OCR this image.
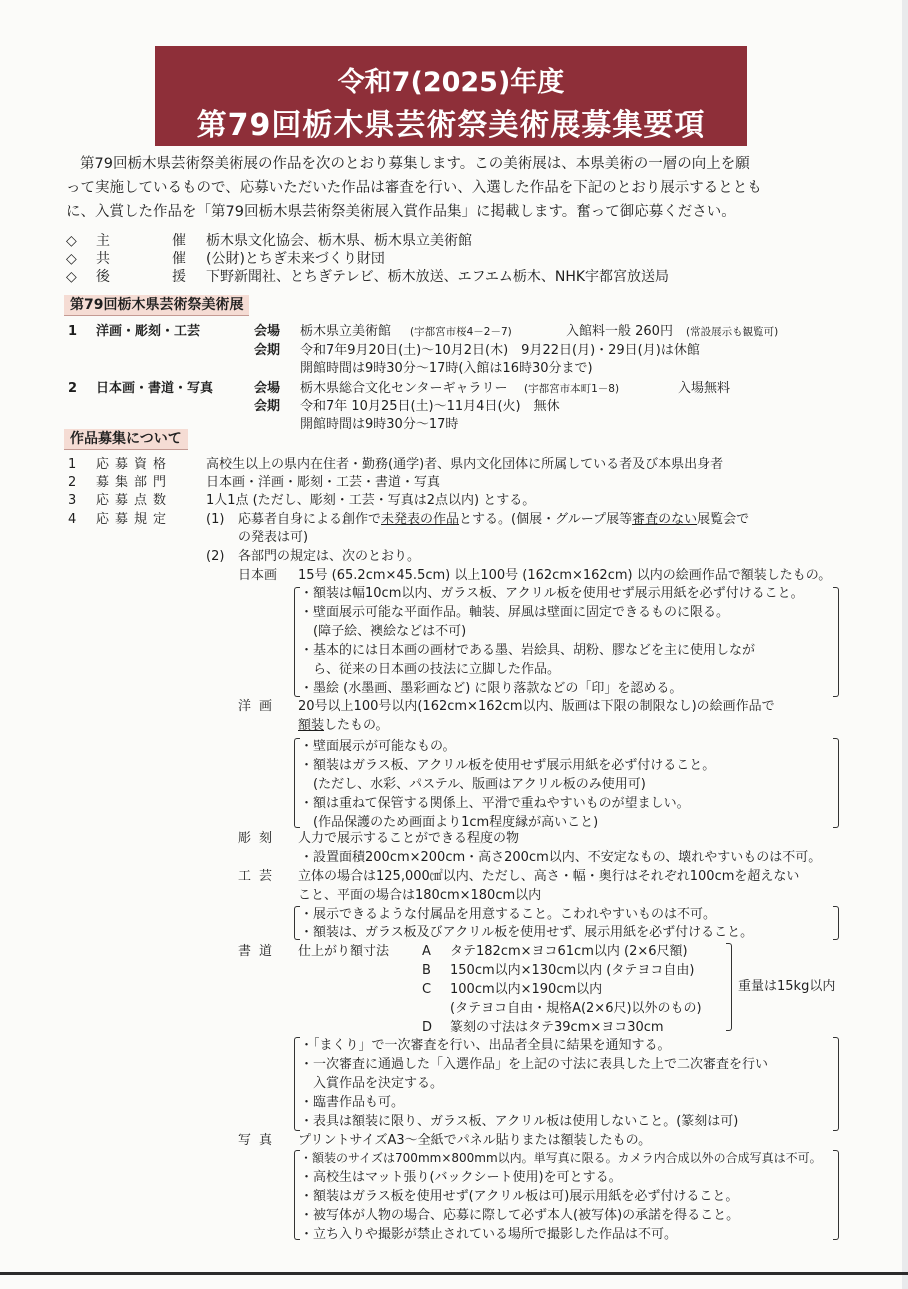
令和7(2025)年度
第79回栃木県芸術祭美術展募集要項
第79回栃木県芸術祭美術展の作品を次のとおり募集します。この美術展は、本県美術の一層の向上を願
って実施しているもので、応募いただいた作品は審査を行い、入選した作品を下記のとおり展示するととも
に、入賞した作品を「第79回栃木県芸術祭美術展入賞作品集」に掲載します。奮って御応募ください。
◇ 主	催 栃木県文化協会、栃木県、栃木県立美術館
◇ 共	催 (公財)とちぎ未来づくり財団
◇ 後	援 下野新聞社、とちぎテレビ、栃木放送、エフエム栃木、NHK宇都宮放送局
第79回栃木県芸術祭美術展
1 洋画・彫刻・工芸	会場 栃木県立美術館 (宇都宮市桜4－2－7)	入館料一般 260円 (常設展示も観覧可)
会期 令和7年9月20日(土)～10月2日(木)　9月22日(月)・29日(月)は休館
開館時間は9時30分～17時(入館は16時30分まで)
2 日本画・書道・写真	会場 栃木県総合文化センターギャラリー (宇都宮市本町1－8)	入場無料
会期 令和7年 10月25日(土)～11月4日(火)　無休
開館時間は9時30分～17時
作品募集について
1 応募資格	高校生以上の県内在住者・勤務(通学)者、県内文化団体に所属している者及び本県出身者
2 募集部門	日本画・洋画・彫刻・工芸・書道・写真
3 応募点数	1人1点 (ただし、彫刻・工芸・写真は2点以内) とする。
4 応募規定	(1) 応募者自身による創作で未発表の作品とする。(個展・グループ展等審査のない展覧会で
の発表は可)
(2) 各部門の規定は、次のとおり。
日本画 15号 (65.2cm×45.5cm) 以上100号 (162cm×162cm) 以内の絵画作品で額装したもの。
・額装は幅10cm以内、ガラス板、アクリル板を使用せず展示用紙を必ず付けること。
・壁面展示可能な平面作品。軸装、屏風は壁面に固定できるものに限る。
　(障子絵、襖絵などは不可)
・基本的には日本画の画材である墨、岩絵具、胡粉、膠などを主に使用しなが
　ら、従来の日本画の技法に立脚した作品。
・墨絵 (水墨画、墨彩画など) に限り落款などの「印」を認める。
洋画 20号以上100号以内(162cm×162cm以内、版画は下限の制限なし)の絵画作品で
額装したもの。
・壁面展示が可能なもの。
・額装はガラス板、アクリル板を使用せず展示用紙を必ず付けること。
　(ただし、水彩、パステル、版画はアクリル板のみ使用可)
・額は重ねて保管する関係上、平滑で重ねやすいものが望ましい。
　(作品保護のため画面より1cm程度縁が高いこと)
彫刻 人力で展示することができる程度の物
・設置面積200cm×200cm・高さ200cm以内、不安定なもの、壊れやすいものは不可。
工芸 立体の場合は125,000㎠以内、ただし、高さ・幅・奥行はそれぞれ100cmを超えない
こと、平面の場合は180cm×180cm以内
・展示できるような付属品を用意すること。こわれやすいものは不可。
・額装は、ガラス板及びアクリル板を使用せず、展示用紙を必ず付けること。
書道 仕上がり額寸法	A タテ182cm×ヨコ61cm以内 (2×6尺額)
B 150cm以内×130cm以内 (タテヨコ自由)
C 100cm以内×190cm以内
(タテヨコ自由・規格A(2×6尺)以外のもの)
D 篆刻の寸法はタテ39cm×ヨコ30cm
重量は15kg以内
・「まくり」で一次審査を行い、出品者全員に結果を通知する。
・一次審査に通過した「入選作品」を上記の寸法に表具した上で二次審査を行い
　入賞作品を決定する。
・臨書作品も可。
・表具は額装に限り、ガラス板、アクリル板は使用しないこと。(篆刻は可)
写真 プリントサイズA3～全紙でパネル貼りまたは額装したもの。
・額装のサイズは700mm×800mm以内。単写真に限る。カメラ内合成以外の合成写真は不可。
・高校生はマット張り(バックシート使用)を可とする。
・額装はガラス板を使用せず(アクリル板は可)展示用紙を必ず付けること。
・被写体が人物の場合、応募に際して必ず本人(被写体)の承諾を得ること。
・立ち入りや撮影が禁止されている場所で撮影した作品は不可。
